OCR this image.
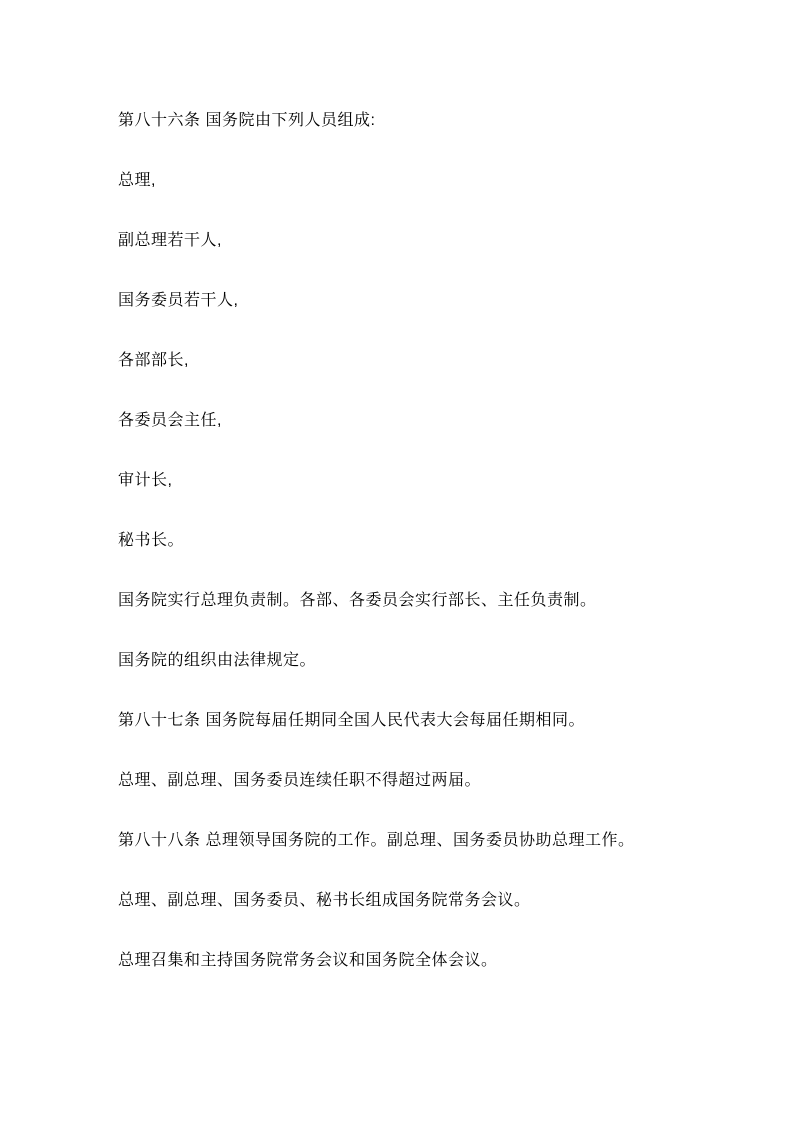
第八十六条 国务院由下列人员组成:

总理,

副总理若干人,

国务委员若干人,

各部部长,

各委员会主任,

审计长,

秘书长。

国务院实行总理负责制。各部、各委员会实行部长、主任负责制。

国务院的组织由法律规定。

第八十七条 国务院每届任期同全国人民代表大会每届任期相同。

总理、副总理、国务委员连续任职不得超过两届。

第八十八条 总理领导国务院的工作。副总理、国务委员协助总理工作。

总理、副总理、国务委员、秘书长组成国务院常务会议。

总理召集和主持国务院常务会议和国务院全体会议。
